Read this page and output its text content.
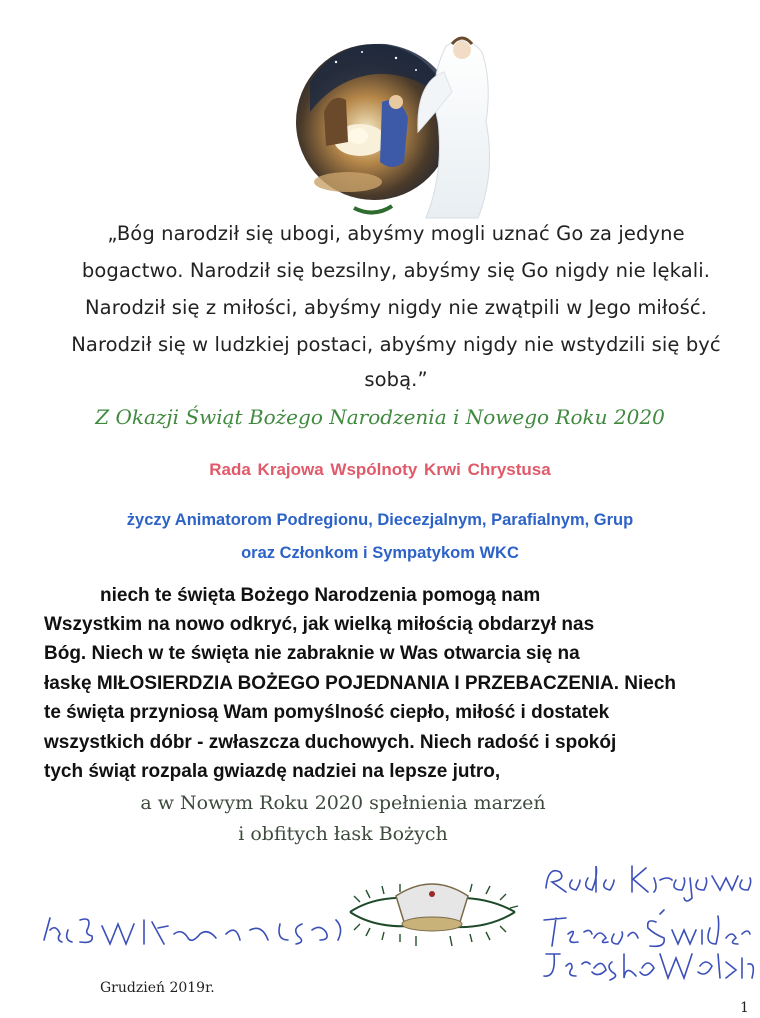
„Bóg narodził się ubogi, abyśmy mogli uznać Go za jedyne
bogactwo. Narodził się bezsilny, abyśmy się Go nigdy nie lękali.
Narodził się z miłości, abyśmy nigdy nie zwątpili w Jego miłość.
Narodził się w ludzkiej postaci, abyśmy nigdy nie wstydzili się być
sobą.”
Z Okazji Świąt Bożego Narodzenia i Nowego Roku 2020
Rada Krajowa Wspólnoty Krwi Chrystusa
życzy Animatorom Podregionu, Diecezjalnym, Parafialnym, Grup
oraz Członkom i Sympatykom WKC
niech te święta Bożego Narodzenia pomogą nam
Wszystkim na nowo odkryć, jak wielką miłością obdarzył nas
Bóg. Niech w te święta nie zabraknie w Was otwarcia się na
łaskę MIŁOSIERDZIA BOŻEGO POJEDNANIA I PRZEBACZENIA. Niech
te święta przyniosą Wam pomyślność ciepło, miłość i dostatek
wszystkich dóbr - zwłaszcza duchowych. Niech radość i spokój
tych świąt rozpala gwiazdę nadziei na lepsze jutro,
a w Nowym Roku 2020 spełnienia marzeń
i obfitych łask Bożych
Grudzień 2019r.
1
